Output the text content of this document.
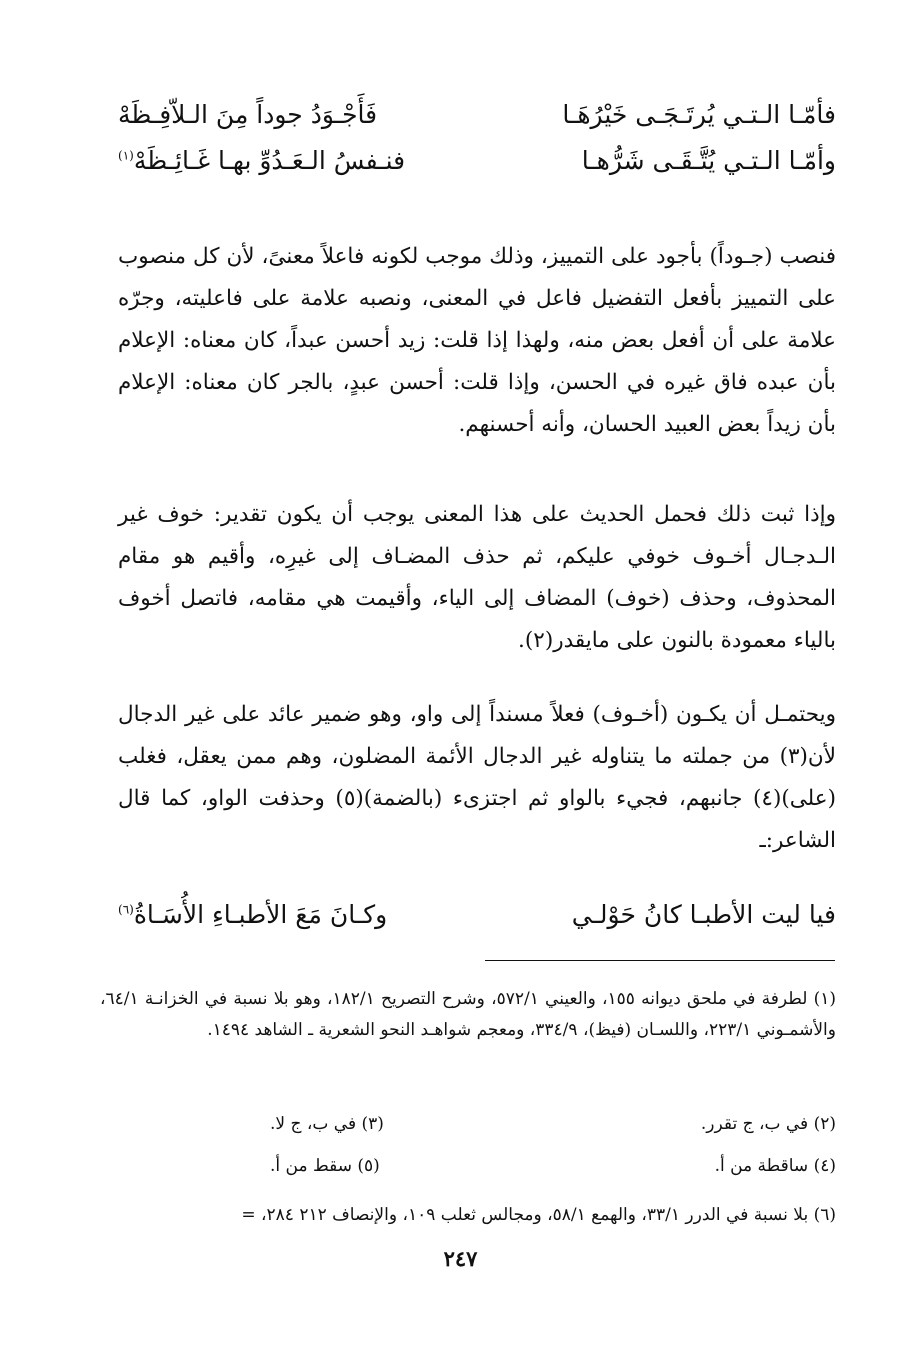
فأمّـا الـتـي يُرتَـجَـى خَيْرُهَـا
فَأَجْـوَدُ جوداً مِنَ الـلاّفِـظَهْ
وأمّـا الـتـي يُتَّـقَـى شَرُّهـا
فنـفسُ الـعَـدُوِّ بهـا غَـائِـظَهْ$^{(١)}$

فنصب (جـوداً) بأجود على التمييز، وذلك موجب لكونه فاعلاً معنىً، لأن كل منصوب على التمييز بأفعل التفضيل فاعل في المعنى، ونصبه علامة على فاعليته، وجرّه علامة على أن أفعل بعض منه، ولهذا إذا قلت: زيد أحسن عبداً، كان معناه: الإعلام بأن عبده فاق غيره في الحسن، وإذا قلت: أحسن عبدٍ، بالجر كان معناه: الإعلام بأن زيداً بعض العبيد الحسان، وأنه أحسنهم.

وإذا ثبت ذلك فحمل الحديث على هذا المعنى يوجب أن يكون تقدير: خوف غير الـدجـال أخـوف خوفي عليكم، ثم حذف المضـاف إلى غيرِه، وأقيم هو مقام المحذوف، وحذف (خوف) المضاف إلى الياء، وأقيمت هي مقامه، فاتصل أخوف بالياء معمودة بالنون على مايقدر(٢).

ويحتمـل أن يكـون (أخـوف) فعلاً مسنداً إلى واو، وهو ضمير عائد على غير الدجال لأن(٣) من جملته ما يتناوله غير الدجال الأئمة المضلون، وهم ممن يعقل، فغلب (على)(٤) جانبهم، فجيء بالواو ثم اجتزىء (بالضمة)(٥) وحذفت الواو، كما قال الشاعر:ـ

فيا ليت الأطبـا كانُ حَوْلـي
وكـانَ مَعَ الأطبـاءِ الأُسَـاةُ$^{(٦)}$

(١) لطرفة في ملحق ديوانه ١٥٥، والعيني ٥٧٢/١، وشرح التصريح ١٨٢/١، وهو بلا نسبة في الخزانـة ٦٤/١، والأشمـوني ٢٢٣/١، واللسـان (فيظ)، ٣٣٤/٩، ومعجم شواهـد النحو الشعرية ـ الشاهد ١٤٩٤.

(٢) في ب، ج تقرر.
(٣) في ب، ج لا.
(٤) ساقطة من أ.
(٥) سقط من أ.

(٦) بلا نسبة في الدرر ٣٣/١، والهمع ٥٨/١، ومجالس ثعلب ١٠٩، والإنصاف ٢١٢ ٢٨٤، =

٢٤٧
